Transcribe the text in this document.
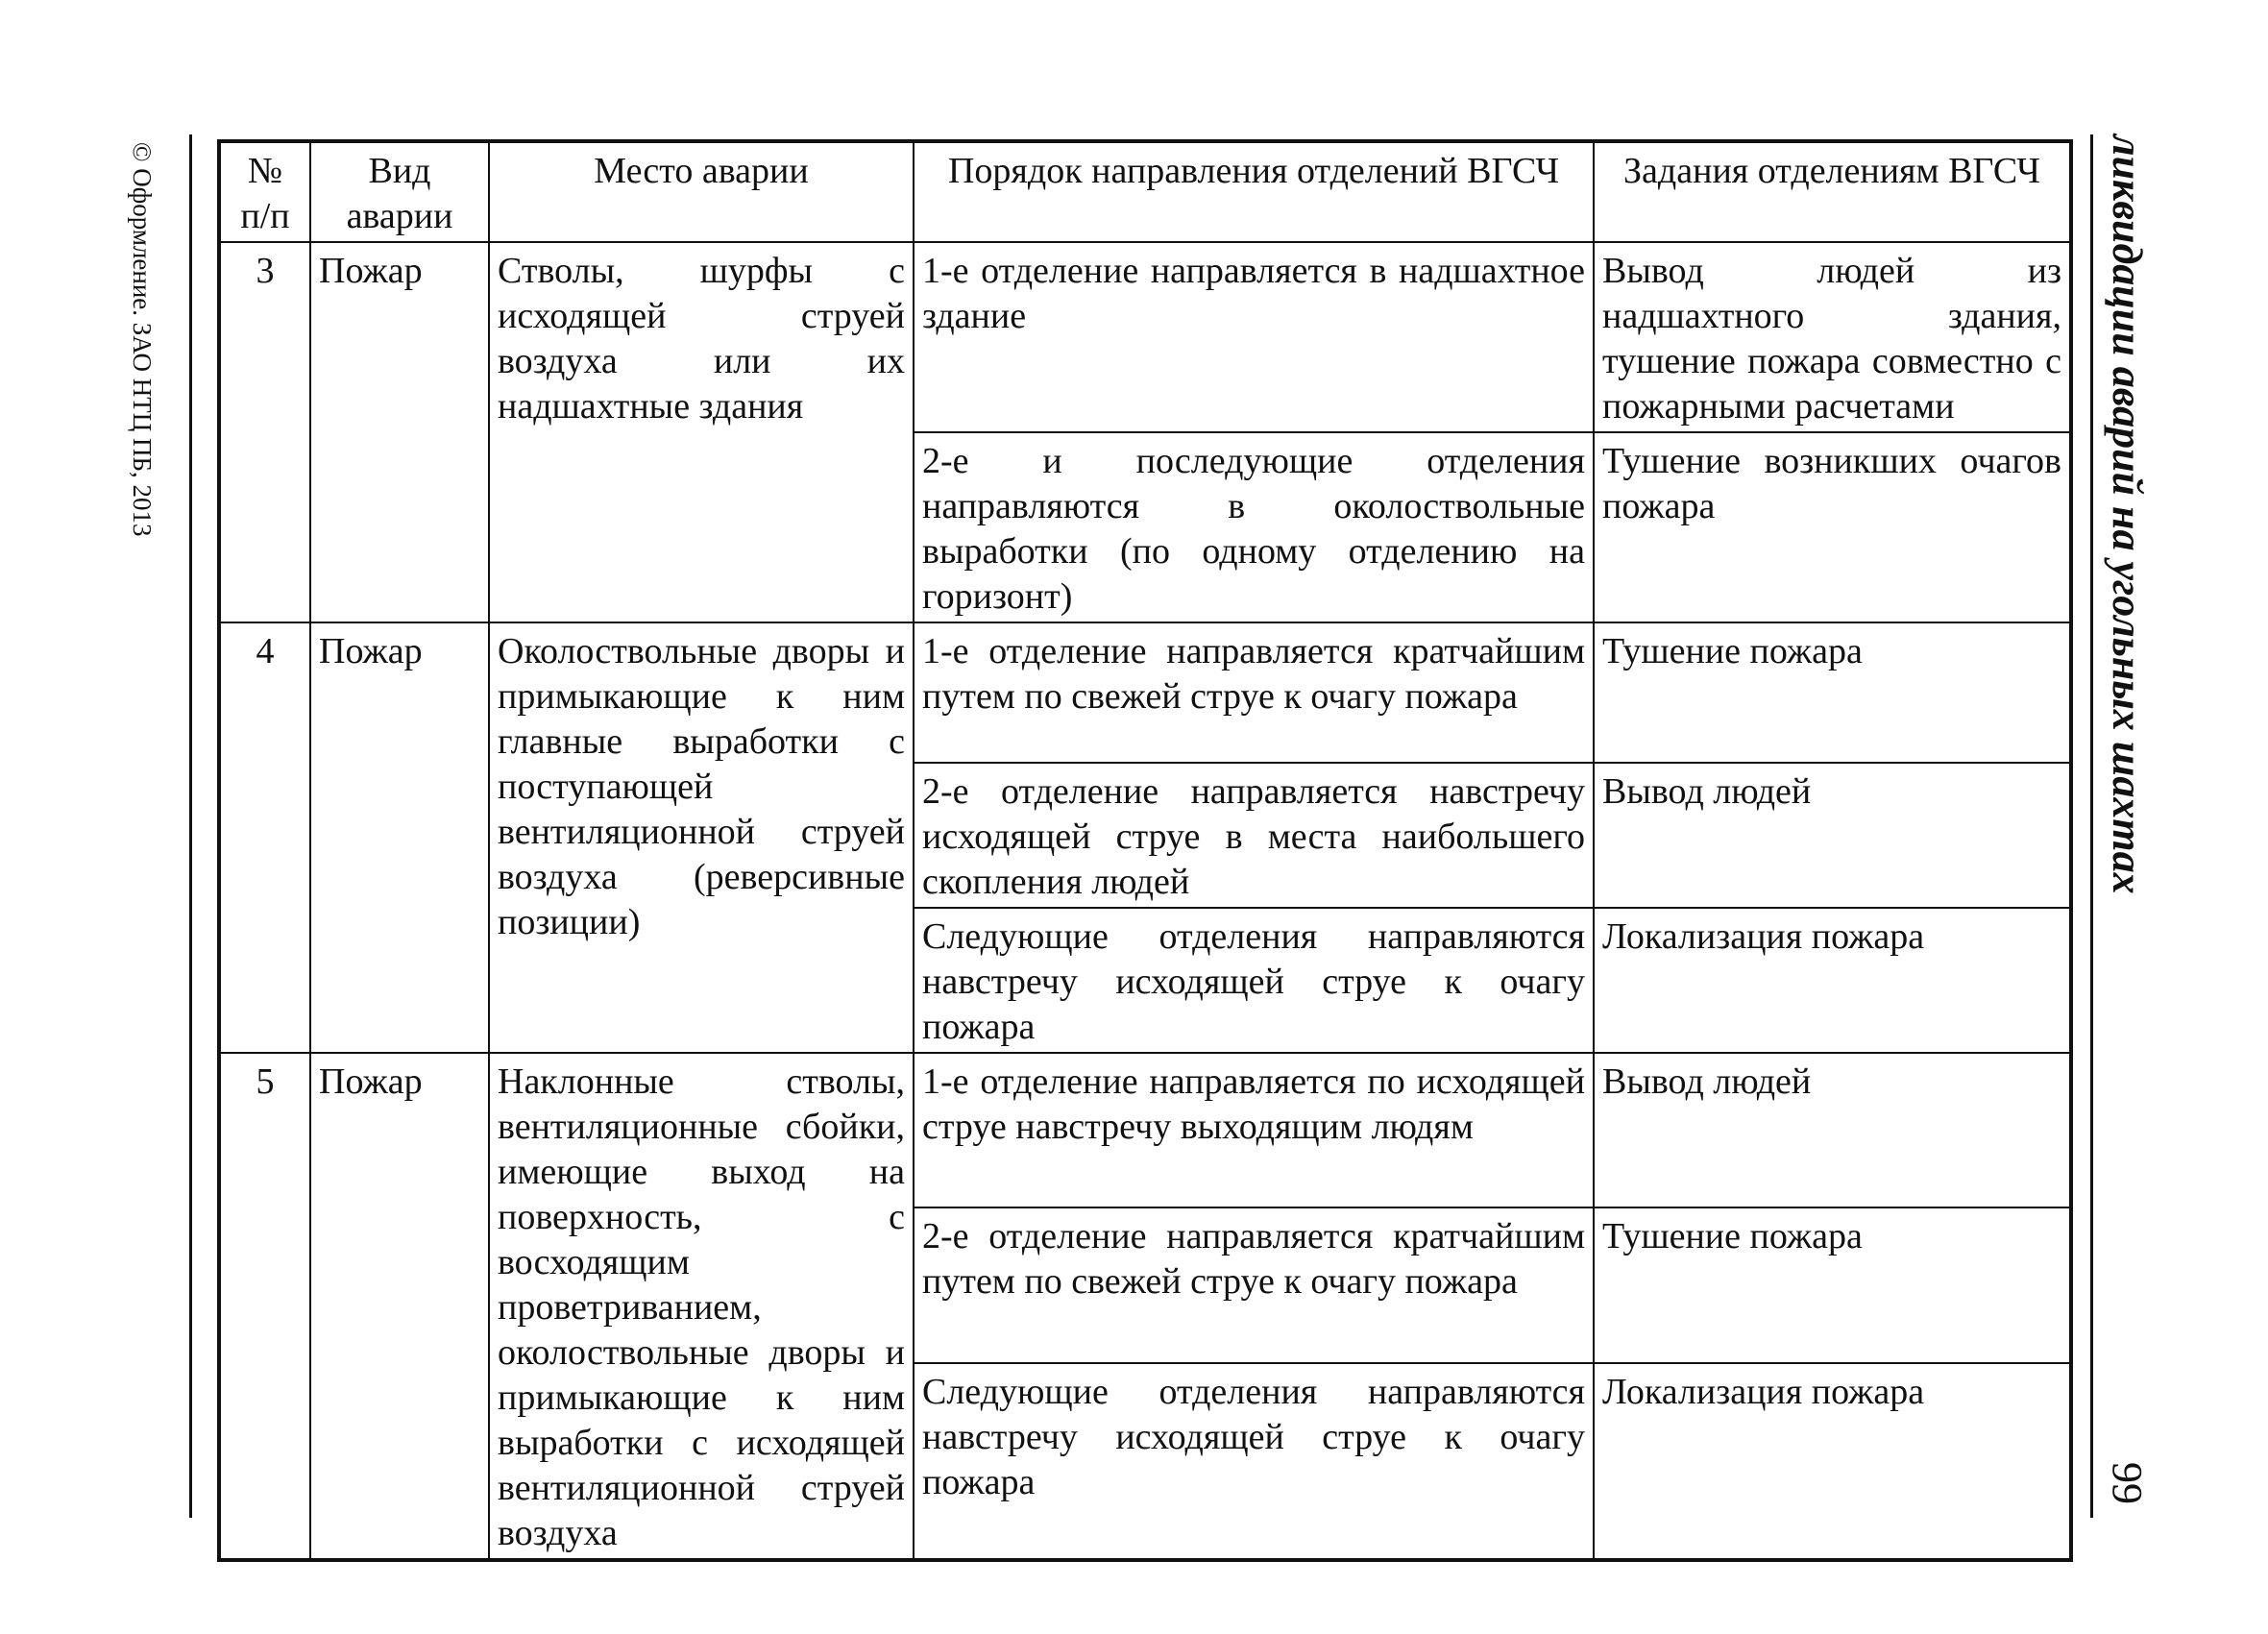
© Оформление. ЗАО НТЦ ПБ, 2013	ликвидации аварий на угольных шахтах
99
№ п/п	Вид аварии	Место аварии	Порядок направления отделений ВГСЧ	Задания отделениям ВГСЧ
3	Пожар	Стволы, шурфы с исходящей струей воздуха или их надшахтные здания	1-е отделение направляется в надшахтное здание	Вывод людей из надшахтного здания, тушение пожара совместно с пожарными расчетами
			2-е и последующие отделения направляются в околоствольные выработки (по одному отделению на горизонт)	Тушение возникших очагов пожара
4	Пожар	Околоствольные дворы и примыкающие к ним главные выработки с поступающей вентиляционной струей воздуха (реверсивные позиции)	1-е отделение направляется кратчайшим путем по свежей струе к очагу пожара	Тушение пожара
			2-е отделение направляется навстречу исходящей струе в места наибольшего скопления людей	Вывод людей
			Следующие отделения направляются навстречу исходящей струе к очагу пожара	Локализация пожара
5	Пожар	Наклонные стволы, вентиляционные сбойки, имеющие выход на поверхность, с восходящим проветриванием, околоствольные дворы и примыкающие к ним выработки с исходящей вентиляционной струей воздуха	1-е отделение направляется по исходящей струе навстречу выходящим людям	Вывод людей
			2-е отделение направляется кратчайшим путем по свежей струе к очагу пожара	Тушение пожара
			Следующие отделения направляются навстречу исходящей струе к очагу пожара	Локализация пожара
